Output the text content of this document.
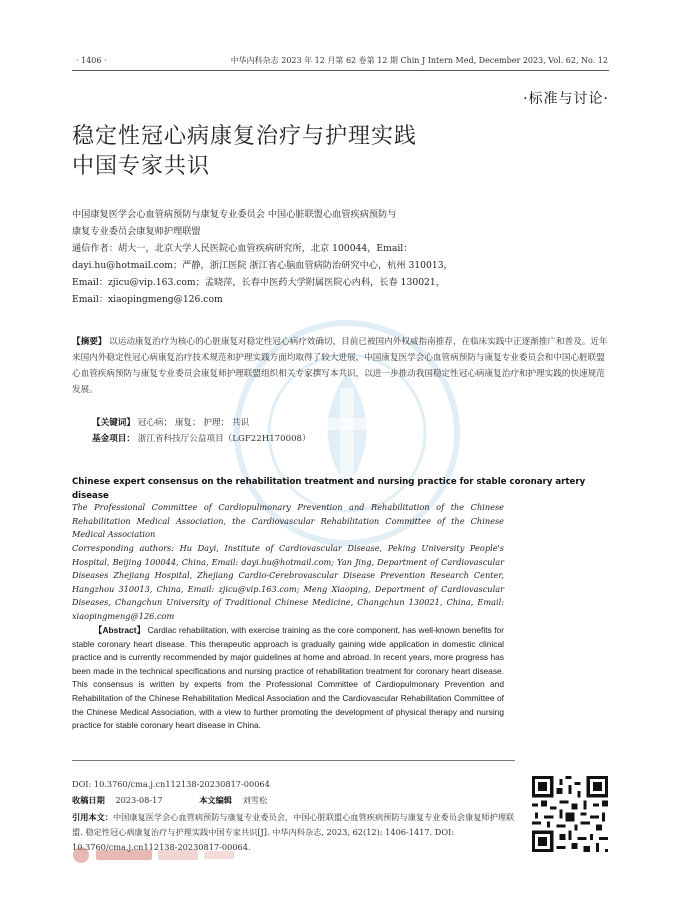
· 1406 ·	中华内科杂志 2023 年 12 月第 62 卷第 12 期 Chin J Intern Med, December 2023, Vol. 62, No. 12
·标准与讨论·
稳定性冠心病康复治疗与护理实践
中国专家共识
中国康复医学会心血管病预防与康复专业委员会 中国心脏联盟心血管疾病预防与
康复专业委员会康复师护理联盟
通信作者：胡大一，北京大学人民医院心血管疾病研究所，北京 100044，Email：
dayi.hu@hotmail.com；严静，浙江医院 浙江省心脑血管病防治研究中心，杭州 310013，
Email：zjicu@vip.163.com；孟晓萍，长春中医药大学附属医院心内科，长春 130021，
Email：xiaopingmeng@126.com
【摘要】 以运动康复治疗为核心的心脏康复对稳定性冠心病疗效确切，目前已被国内外权威指南推荐，在临床实践中正逐渐推广和普及。近年来国内外稳定性冠心病康复治疗技术规范和护理实践方面均取得了较大进展，中国康复医学会心血管病预防与康复专业委员会和中国心脏联盟心血管疾病预防与康复专业委员会康复师护理联盟组织相关专家撰写本共识，以进一步推动我国稳定性冠心病康复治疗和护理实践的快速规范发展。
【关键词】 冠心病； 康复； 护理； 共识
基金项目： 浙江省科技厅公益项目（LGF22H170008）
Chinese expert consensus on the rehabilitation treatment and nursing practice for stable coronary artery disease
The Professional Committee of Cardiopulmonary Prevention and Rehabilitation of the Chinese Rehabilitation Medical Association, the Cardiovascular Rehabilitation Committee of the Chinese Medical Association
Corresponding authors: Hu Dayi, Institute of Cardiovascular Disease, Peking University People's Hospital, Beijing 100044, China, Email: dayi.hu@hotmail.com; Yan Jing, Department of Cardiovascular Diseases Zhejiang Hospital, Zhejiang Cardio-Cerebrovascular Disease Prevention Research Center, Hangzhou 310013, China, Email: zjicu@vip.163.com; Meng Xiaoping, Department of Cardiovascular Diseases, Changchun University of Traditional Chinese Medicine, Changchun 130021, China, Email: xiaopingmeng@126.com
【Abstract】 Cardiac rehabilitation, with exercise training as the core component, has well-known benefits for stable coronary heart disease. This therapeutic approach is gradually gaining wide application in domestic clinical practice and is currently recommended by major guidelines at home and abroad. In recent years, more progress has been made in the technical specifications and nursing practice of rehabilitation treatment for coronary heart disease. This consensus is written by experts from the Professional Committee of Cardiopulmonary Prevention and Rehabilitation of the Chinese Rehabilitation Medical Association and the Cardiovascular Rehabilitation Committee of the Chinese Medical Association, with a view to further promoting the development of physical therapy and nursing practice for stable coronary heart disease in China.
DOI: 10.3760/cma.j.cn112138-20230817-00064
收稿日期 2023-08-17	本文编辑 刘雪松
引用本文：中国康复医学会心血管病预防与康复专业委员会，中国心脏联盟心血管疾病预防与康复专业委员会康复师护理联盟. 稳定性冠心病康复治疗与护理实践中国专家共识[J]. 中华内科杂志, 2023, 62(12): 1406-1417. DOI: 10.3760/cma.j.cn112138-20230817-00064.
